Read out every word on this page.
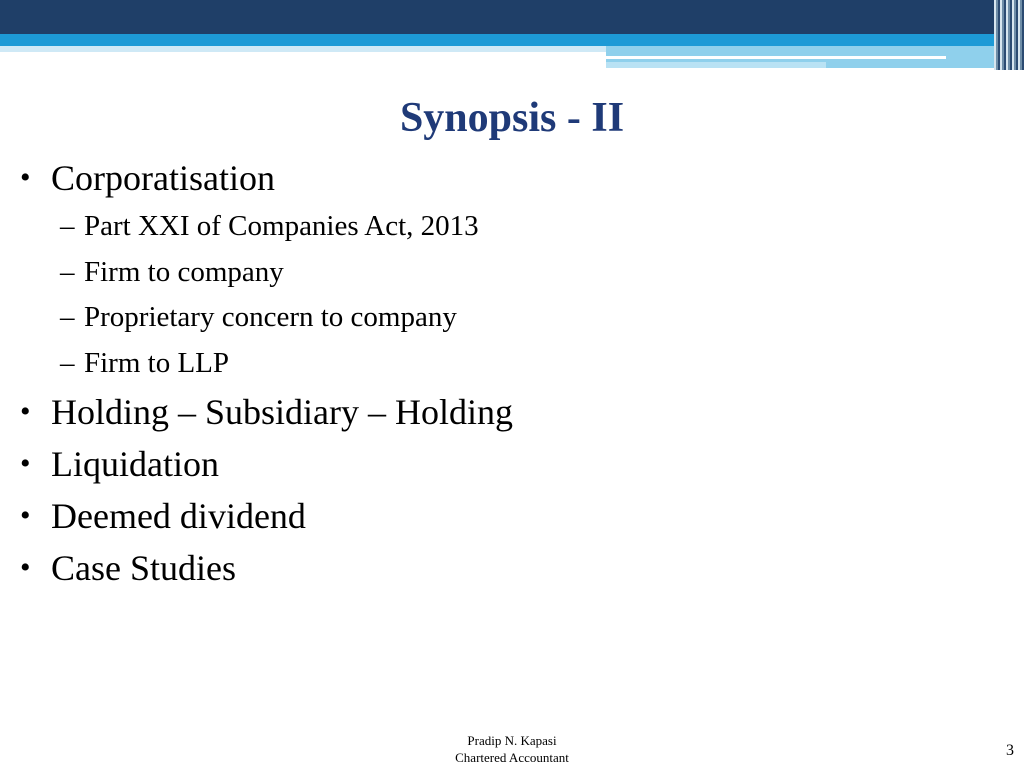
Synopsis - II
• Corporatisation
– Part XXI of Companies Act, 2013
– Firm to company
– Proprietary concern to company
– Firm to LLP
• Holding – Subsidiary – Holding
• Liquidation
• Deemed dividend
• Case Studies
Pradip N. Kapasi
Chartered Accountant	3
